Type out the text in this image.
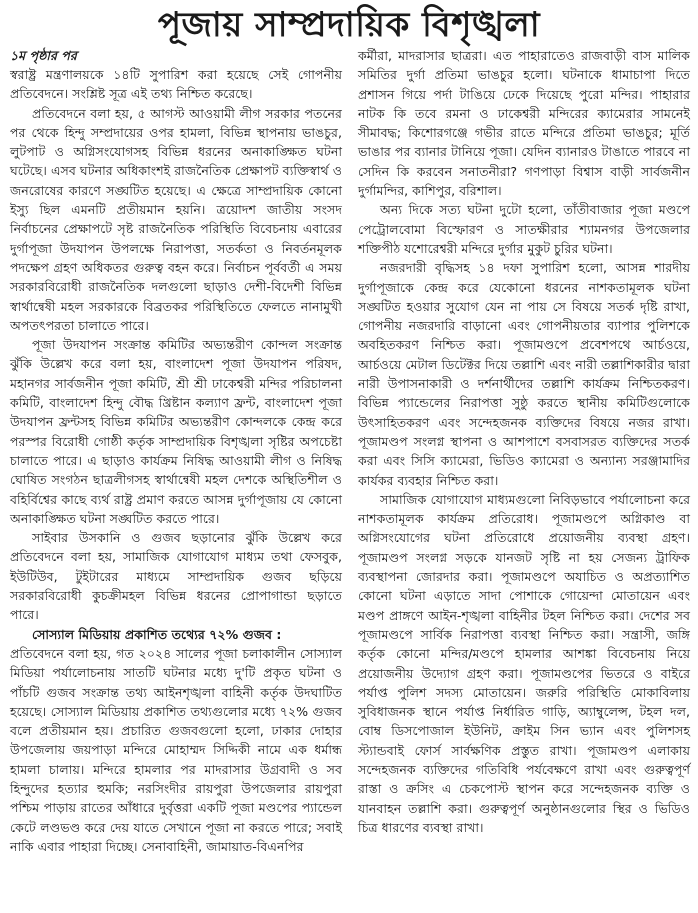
পূজায় সাম্প্রদায়িক বিশৃঙ্খলা
১ম পৃষ্ঠার পর

স্বরাষ্ট্র মন্ত্রণালয়কে ১৪টি সুপারিশ করা হয়েছে সেই গোপনীয় প্রতিবেদনে। সংশ্লিষ্ট সূত্র এই তথ্য নিশ্চিত করেছে।

প্রতিবেদনে বলা হয়, ৫ আগস্ট আওয়ামী লীগ সরকার পতনের পর থেকে হিন্দু সম্প্রদায়ের ওপর হামলা, বিভিন্ন স্থাপনায় ভাঙচুর, লুটপাট ও অগ্নিসংযোগসহ বিভিন্ন ধরনের অনাকাঙ্ক্ষিত ঘটনা ঘটেছে। এসব ঘটনার অধিকাংশই রাজনৈতিক প্রেক্ষাপট ব্যক্তিস্বার্থ ও জনরোষের কারণে সঙ্ঘটিত হয়েছে। এ ক্ষেত্রে সাম্প্রদায়িক কোনো ইস্যু ছিল এমনটি প্রতীয়মান হয়নি। ত্রয়োদশ জাতীয় সংসদ নির্বাচনের প্রেক্ষাপটে সৃষ্ট রাজনৈতিক পরিস্থিতি বিবেচনায় এবারের দুর্গাপূজা উদযাপন উপলক্ষে নিরাপত্তা, সতর্কতা ও নিবর্তনমূলক পদক্ষেপ গ্রহণ অধিকতর গুরুত্ব বহন করে। নির্বাচন পূর্ববর্তী এ সময় সরকারবিরোধী রাজনৈতিক দলগুলো ছাড়াও দেশী-বিদেশী বিভিন্ন স্বার্থান্বেষী মহল সরকারকে বিব্রতকর পরিস্থিতিতে ফেলতে নানামুখী অপতৎপরতা চালাতে পারে।

পূজা উদযাপন সংক্রান্ত কমিটির অভ্যন্তরীণ কোন্দল সংক্রান্ত ঝুঁকি উল্লেখ করে বলা হয়, বাংলাদেশ পূজা উদযাপন পরিষদ, মহানগর সার্বজনীন পূজা কমিটি, শ্রী শ্রী ঢাকেশ্বরী মন্দির পরিচালনা কমিটি, বাংলাদেশ হিন্দু বৌদ্ধ খ্রিষ্টান কল্যাণ ফ্রন্ট, বাংলাদেশ পূজা উদযাপন ফ্রন্টসহ বিভিন্ন কমিটির অভ্যন্তরীণ কোন্দলকে কেন্দ্র করে পরস্পর বিরোধী গোষ্ঠী কর্তৃক সাম্প্রদায়িক বিশৃঙ্খলা সৃষ্টির অপচেষ্টা চালাতে পারে। এ ছাড়াও কার্যক্রম নিষিদ্ধ আওয়ামী লীগ ও নিষিদ্ধ ঘোষিত সংগঠন ছাত্রলীগসহ স্বার্থান্বেষী মহল দেশকে অস্থিতিশীল ও বহির্বিশ্বের কাছে ব্যর্থ রাষ্ট্র প্রমাণ করতে আসন্ন দুর্গাপূজায় যে কোনো অনাকাঙ্ক্ষিত ঘটনা সঙ্ঘটিত করতে পারে।

সাইবার উসকানি ও গুজব ছড়ানোর ঝুঁকি উল্লেখ করে প্রতিবেদনে বলা হয়, সামাজিক যোগাযোগ মাধ্যম তথা ফেসবুক, ইউটিউব, টুইটারের মাধ্যমে সাম্প্রদায়িক গুজব ছড়িয়ে সরকারবিরোধী কুচক্রীমহল বিভিন্ন ধরনের প্রোপাগান্ডা ছড়াতে পারে।

সোস্যাল মিডিয়ায় প্রকাশিত তথ্যের ৭২% গুজব :

প্রতিবেদনে বলা হয়, গত ২০২৪ সালের পূজা চলাকালীন সোস্যাল মিডিয়া পর্যালোচনায় সাতটি ঘটনার মধ্যে দু'টি প্রকৃত ঘটনা ও পাঁচটি গুজব সংক্রান্ত তথ্য আইনশৃঙ্খলা বাহিনী কর্তৃক উদঘাটিত হয়েছে। সোস্যাল মিডিয়ায় প্রকাশিত তথ্যগুলোর মধ্যে ৭২% গুজব বলে প্রতীয়মান হয়। প্রচারিত গুজবগুলো হলো, ঢাকার দোহার উপজেলায় জয়পাড়া মন্দিরে মোহাম্মদ সিদ্দিকী নামে এক ধর্মান্ধ হামলা চালায়। মন্দিরে হামলার পর মাদরাসার উগ্রবাদী ও সব হিন্দুদের হত্যার হুমকি; নরসিংদীর রায়পুরা উপজেলার রায়পুরা পশ্চিম পাড়ায় রাতের আঁধারে দুর্বৃত্তরা একটি পূজা মণ্ডপের প্যান্ডেল কেটে লণ্ডভণ্ড করে দেয় যাতে সেখানে পূজা না করতে পারে; সবাই নাকি এবার পাহারা দিচ্ছে। সেনাবাহিনী, জামায়াত-বিএনপির

কর্মীরা, মাদরাসার ছাত্ররা। এত পাহারাতেও রাজবাড়ী বাস মালিক সমিতির দুর্গা প্রতিমা ভাঙচুর হলো। ঘটনাকে ধামাচাপা দিতে প্রশাসন গিয়ে পর্দা টাঙিয়ে ঢেকে দিয়েছে পুরো মন্দির। পাহারার নাটক কি তবে রমনা ও ঢাকেশ্বরী মন্দিরের ক্যামেরার সামনেই সীমাবদ্ধ; কিশোরগঞ্জে গভীর রাতে মন্দিরে প্রতিমা ভাঙচুর; মূর্তি ভাঙার পর ব্যানার টানিয়ে পূজা। যেদিন ব্যানারও টাঙাতে পারবে না সেদিন কি করবেন সনাতনীরা? গণপাড়া বিশ্বাস বাড়ী সার্বজনীন দুর্গামন্দির, কাশিপুর, বরিশাল।

অন্য দিকে সত্য ঘটনা দুটো হলো, তাঁতীবাজার পূজা মণ্ডপে পেট্রোলবোমা বিস্ফোরণ ও সাতক্ষীরার শ্যামনগর উপজেলার শক্তিপীঠ যশোরেশ্বরী মন্দিরে দুর্গার মুকুট চুরির ঘটনা।

নজরদারী বৃদ্ধিসহ ১৪ দফা সুপারিশ হলো, আসন্ন শারদীয় দুর্গাপূজাকে কেন্দ্র করে যেকোনো ধরনের নাশকতামূলক ঘটনা সঙ্ঘটিত হওয়ার সুযোগ যেন না পায় সে বিষয়ে সতর্ক দৃষ্টি রাখা, গোপনীয় নজরদারি বাড়ানো এবং গোপনীয়তার ব্যাপার পুলিশকে অবহিতকরণ নিশ্চিত করা। পূজামণ্ডপে প্রবেশপথে আর্চওয়ে, আর্চওয়ে মেটাল ডিটেক্টর দিয়ে তল্লাশি এবং নারী তল্লাশিকারীর দ্বারা নারী উপাসনাকারী ও দর্শনার্থীদের তল্লাশি কার্যক্রম নিশ্চিতকরণ। বিভিন্ন প্যান্ডেলের নিরাপত্তা সুষ্ঠু করতে স্থানীয় কমিটিগুলোকে উৎসাহিতকরণ এবং সন্দেহজনক ব্যক্তিদের বিষয়ে নজর রাখা। পূজামণ্ডপ সংলগ্ন স্থাপনা ও আশপাশে বসবাসরত ব্যক্তিদের সতর্ক করা এবং সিসি ক্যামেরা, ভিডিও ক্যামেরা ও অন্যান্য সরঞ্জামাদির কার্যকর ব্যবহার নিশ্চিত করা।

সামাজিক যোগাযোগ মাধ্যমগুলো নিবিড়ভাবে পর্যালোচনা করে নাশকতামূলক কার্যক্রম প্রতিরোধ। পূজামণ্ডপে অগ্নিকাণ্ড বা অগ্নিসংযোগের ঘটনা প্রতিরোধে প্রয়োজনীয় ব্যবস্থা গ্রহণ। পূজামণ্ডপ সংলগ্ন সড়কে যানজট সৃষ্টি না হয় সেজন্য ট্রাফিক ব্যবস্থাপনা জোরদার করা। পূজামণ্ডপে অযাচিত ও অপ্রত্যাশিত কোনো ঘটনা এড়াতে সাদা পোশাকে গোয়েন্দা মোতায়েন এবং মণ্ডপ প্রাঙ্গণে আইন-শৃঙ্খলা বাহিনীর টহল নিশ্চিত করা। দেশের সব পূজামণ্ডপে সার্বিক নিরাপত্তা ব্যবস্থা নিশ্চিত করা। সন্ত্রাসী, জঙ্গি কর্তৃক কোনো মন্দির/মণ্ডপে হামলার আশঙ্কা বিবেচনায় নিয়ে প্রয়োজনীয় উদ্যোগ গ্রহণ করা। পূজামণ্ডপের ভিতরে ও বাইরে পর্যাপ্ত পুলিশ সদস্য মোতায়েন। জরুরি পরিস্থিতি মোকাবিলায় সুবিধাজনক স্থানে পর্যাপ্ত নির্ধারিত গাড়ি, অ্যাম্বুলেন্স, টহল দল, বোম্ব ডিসপোজাল ইউনিট, ক্রাইম সিন ভ্যান এবং পুলিশসহ স্ট্যান্ডবাই ফোর্স সার্বক্ষণিক প্রস্তুত রাখা। পূজামণ্ডপ এলাকায় সন্দেহজনক ব্যক্তিদের গতিবিধি পর্যবেক্ষণে রাখা এবং গুরুত্বপূর্ণ রাস্তা ও ক্রসিং এ চেকপোস্ট স্থাপন করে সন্দেহজনক ব্যক্তি ও যানবাহন তল্লাশি করা। গুরুত্বপূর্ণ অনুষ্ঠানগুলোর স্থির ও ভিডিও চিত্র ধারণের ব্যবস্থা রাখা।
